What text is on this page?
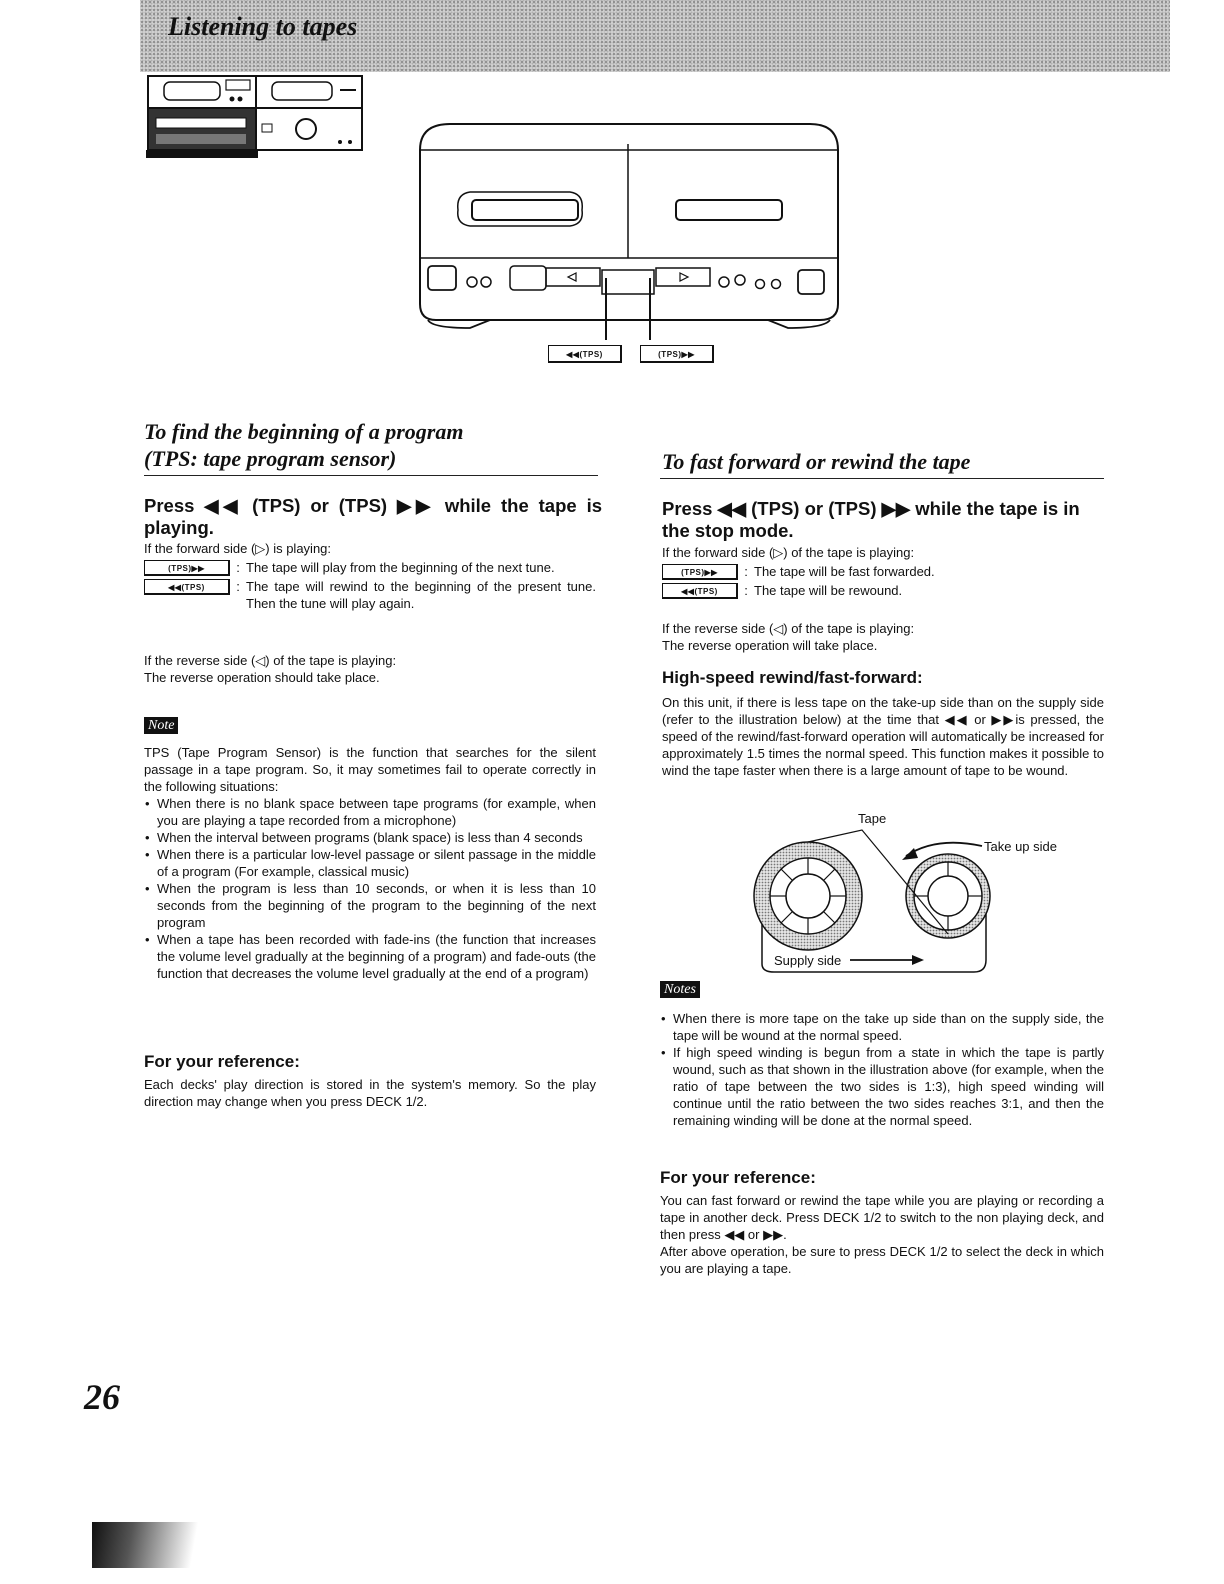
Listening to tapes
◀◀(TPS)	(TPS)▶▶
To find the beginning of a program
(TPS: tape program sensor)
Press ◀◀ (TPS) or (TPS) ▶▶ while the tape is playing.
If the forward side (▷) is playing:
(TPS)▶▶	: The tape will play from the beginning of the next tune.
◀◀(TPS)	: The tape will rewind to the beginning of the present tune. Then the tune will play again.
If the reverse side (◁) of the tape is playing:
The reverse operation should take place.
Note
TPS (Tape Program Sensor) is the function that searches for the silent passage in a tape program. So, it may sometimes fail to operate correctly in the following situations:
• When there is no blank space between tape programs (for example, when you are playing a tape recorded from a microphone)
• When the interval between programs (blank space) is less than 4 seconds
• When there is a particular low-level passage or silent passage in the middle of a program (For example, classical music)
• When the program is less than 10 seconds, or when it is less than 10 seconds from the beginning of the program to the beginning of the next program
• When a tape has been recorded with fade-ins (the function that increases the volume level gradually at the beginning of a program) and fade-outs (the function that decreases the volume level gradually at the end of a program)
For your reference:
Each decks' play direction is stored in the system's memory. So the play direction may change when you press DECK 1/2.
To fast forward or rewind the tape
Press ◀◀ (TPS) or (TPS) ▶▶ while the tape is in the stop mode.
If the forward side (▷) of the tape is playing:
(TPS)▶▶	: The tape will be fast forwarded.
◀◀(TPS)	: The tape will be rewound.
If the reverse side (◁) of the tape is playing:
The reverse operation will take place.
High-speed rewind/fast-forward:
On this unit, if there is less tape on the take-up side than on the supply side (refer to the illustration below) at the time that ◀◀ or ▶▶is pressed, the speed of the rewind/fast-forward operation will automatically be increased for approximately 1.5 times the normal speed. This function makes it possible to wind the tape faster when there is a large amount of tape to be wound.
Tape
Take up side
Supply side
Notes
• When there is more tape on the take up side than on the supply side, the tape will be wound at the normal speed.
• If high speed winding is begun from a state in which the tape is partly wound, such as that shown in the illustration above (for example, when the ratio of tape between the two sides is 1:3), high speed winding will continue until the ratio between the two sides reaches 3:1, and then the remaining winding will be done at the normal speed.
For your reference:
You can fast forward or rewind the tape while you are playing or recording a tape in another deck. Press DECK 1/2 to switch to the non playing deck, and then press ◀◀ or ▶▶.
After above operation, be sure to press DECK 1/2 to select the deck in which you are playing a tape.
26
